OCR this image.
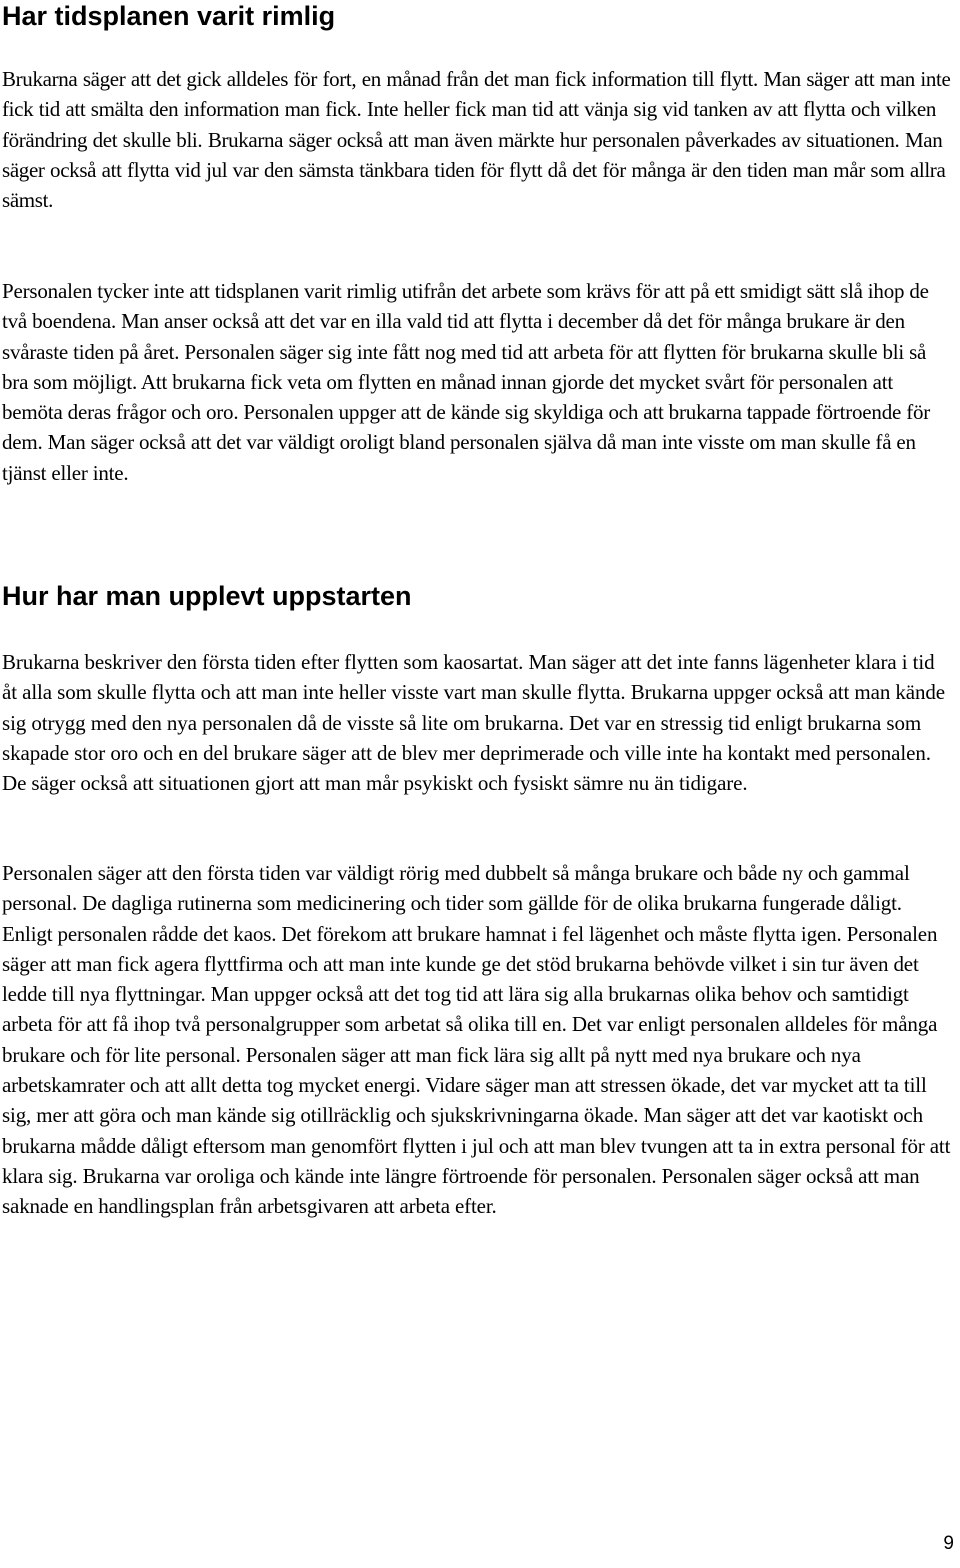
Har tidsplanen varit rimlig

Brukarna säger att det gick alldeles för fort, en månad från det man fick information till flytt. Man säger att man inte fick tid att smälta den information man fick. Inte heller fick man tid att vänja sig vid tanken av att flytta och vilken förändring det skulle bli. Brukarna säger också att man även märkte hur personalen påverkades av situationen. Man säger också att flytta vid jul var den sämsta tänkbara tiden för flytt då det för många är den tiden man mår som allra sämst.

Personalen tycker inte att tidsplanen varit rimlig utifrån det arbete som krävs för att på ett smidigt sätt slå ihop de två boendena. Man anser också att det var en illa vald tid att flytta i december då det för många brukare är den svåraste tiden på året. Personalen säger sig inte fått nog med tid att arbeta för att flytten för brukarna skulle bli så bra som möjligt. Att brukarna fick veta om flytten en månad innan gjorde det mycket svårt för personalen att bemöta deras frågor och oro. Personalen uppger att de kände sig skyldiga och att brukarna tappade förtroende för dem. Man säger också att det var väldigt oroligt bland personalen själva då man inte visste om man skulle få en tjänst eller inte.

Hur har man upplevt uppstarten

Brukarna beskriver den första tiden efter flytten som kaosartat. Man säger att det inte fanns lägenheter klara i tid åt alla som skulle flytta och att man inte heller visste vart man skulle flytta. Brukarna uppger också att man kände sig otrygg med den nya personalen då de visste så lite om brukarna. Det var en stressig tid enligt brukarna som skapade stor oro och en del brukare säger att de blev mer deprimerade och ville inte ha kontakt med personalen. De säger också att situationen gjort att man mår psykiskt och fysiskt sämre nu än tidigare.

Personalen säger att den första tiden var väldigt rörig med dubbelt så många brukare och både ny och gammal personal. De dagliga rutinerna som medicinering och tider som gällde för de olika brukarna fungerade dåligt. Enligt personalen rådde det kaos. Det förekom att brukare hamnat i fel lägenhet och måste flytta igen. Personalen säger att man fick agera flyttfirma och att man inte kunde ge det stöd brukarna behövde vilket i sin tur även det ledde till nya flyttningar. Man uppger också att det tog tid att lära sig alla brukarnas olika behov och samtidigt arbeta för att få ihop två personalgrupper som arbetat så olika till en. Det var enligt personalen alldeles för många brukare och för lite personal. Personalen säger att man fick lära sig allt på nytt med nya brukare och nya arbetskamrater och att allt detta tog mycket energi. Vidare säger man att stressen ökade, det var mycket att ta till sig, mer att göra och man kände sig otillräcklig och sjukskrivningarna ökade. Man säger att det var kaotiskt och brukarna mådde dåligt eftersom man genomfört flytten i jul och att man blev tvungen att ta in extra personal för att klara sig. Brukarna var oroliga och kände inte längre förtroende för personalen. Personalen säger också att man saknade en handlingsplan från arbetsgivaren att arbeta efter.

9
